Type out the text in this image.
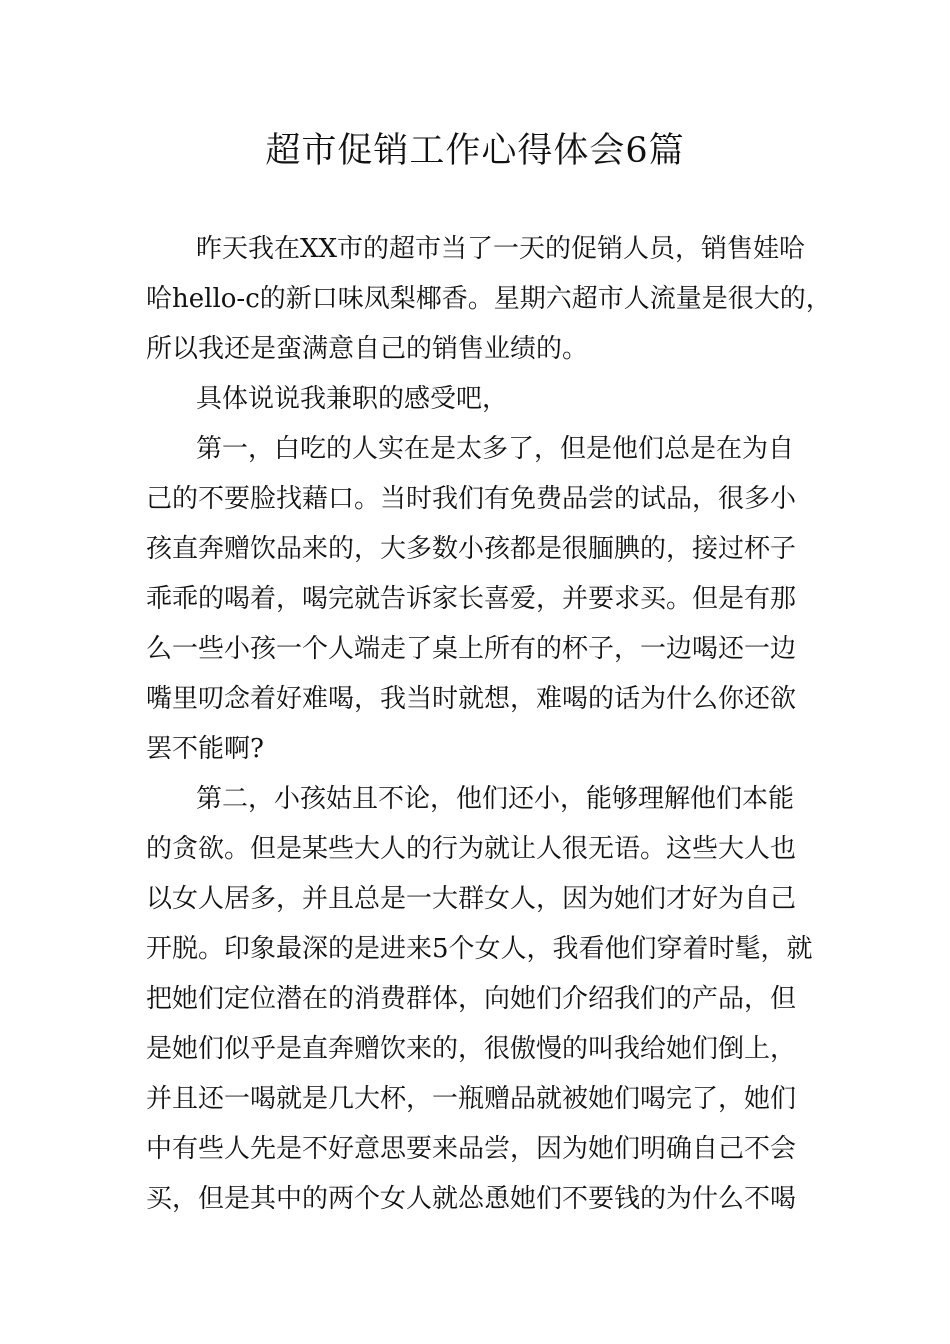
超市促销工作心得体会6篇
昨天我在XX市的超市当了一天的促销人员，销售娃哈
哈hello-c的新口味凤梨椰香。星期六超市人流量是很大的，
所以我还是蛮满意自己的销售业绩的。
具体说说我兼职的感受吧，
第一，白吃的人实在是太多了，但是他们总是在为自
己的不要脸找藉口。当时我们有免费品尝的试品，很多小
孩直奔赠饮品来的，大多数小孩都是很腼腆的，接过杯子
乖乖的喝着，喝完就告诉家长喜爱，并要求买。但是有那
么一些小孩一个人端走了桌上所有的杯子，一边喝还一边
嘴里叨念着好难喝，我当时就想，难喝的话为什么你还欲
罢不能啊?
第二，小孩姑且不论，他们还小，能够理解他们本能
的贪欲。但是某些大人的行为就让人很无语。这些大人也
以女人居多，并且总是一大群女人，因为她们才好为自己
开脱。印象最深的是进来5个女人，我看他们穿着时髦，就
把她们定位潜在的消费群体，向她们介绍我们的产品，但
是她们似乎是直奔赠饮来的，很傲慢的叫我给她们倒上，
并且还一喝就是几大杯，一瓶赠品就被她们喝完了，她们
中有些人先是不好意思要来品尝，因为她们明确自己不会
买，但是其中的两个女人就怂恿她们不要钱的为什么不喝
